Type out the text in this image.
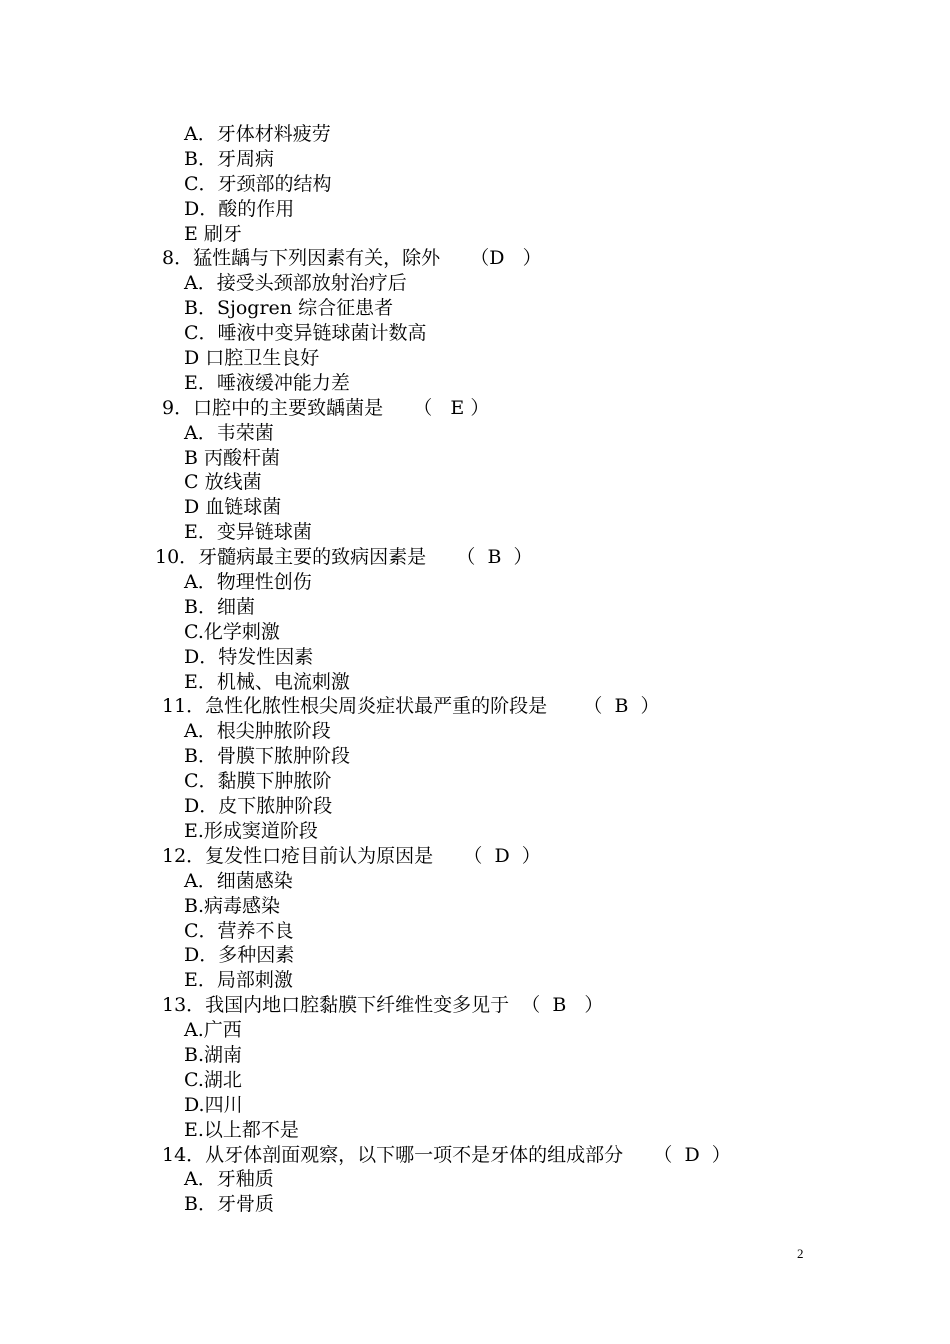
A．牙体材料疲劳
B．牙周病
C．牙颈部的结构
D．酸的作用
E 刷牙
8．猛性龋与下列因素有关，除外     （D   ）
A．接受头颈部放射治疗后
B．Sjogren 综合征患者
C．唾液中变异链球菌计数高
D 口腔卫生良好
E．唾液缓冲能力差
9．口腔中的主要致龋菌是     （   E ）
A．韦荣菌
B 丙酸杆菌
C 放线菌
D 血链球菌
E．变异链球菌
10．牙髓病最主要的致病因素是     （  B  ）
A．物理性创伤
B．细菌
C.化学刺激
D．特发性因素
E．机械、电流刺激
11．急性化脓性根尖周炎症状最严重的阶段是      （  B  ）
A．根尖肿脓阶段
B．骨膜下脓肿阶段
C．黏膜下肿脓阶
D．皮下脓肿阶段
E.形成窦道阶段
12．复发性口疮目前认为原因是     （  D  ）
A．细菌感染
B.病毒感染
C．营养不良
D．多种因素
E．局部刺激
13．我国内地口腔黏膜下纤维性变多见于  （  B   ）
A.广西
B.湖南
C.湖北
D.四川
E.以上都不是
14．从牙体剖面观察，以下哪一项不是牙体的组成部分     （  D  ）
A．牙釉质
B．牙骨质
2
